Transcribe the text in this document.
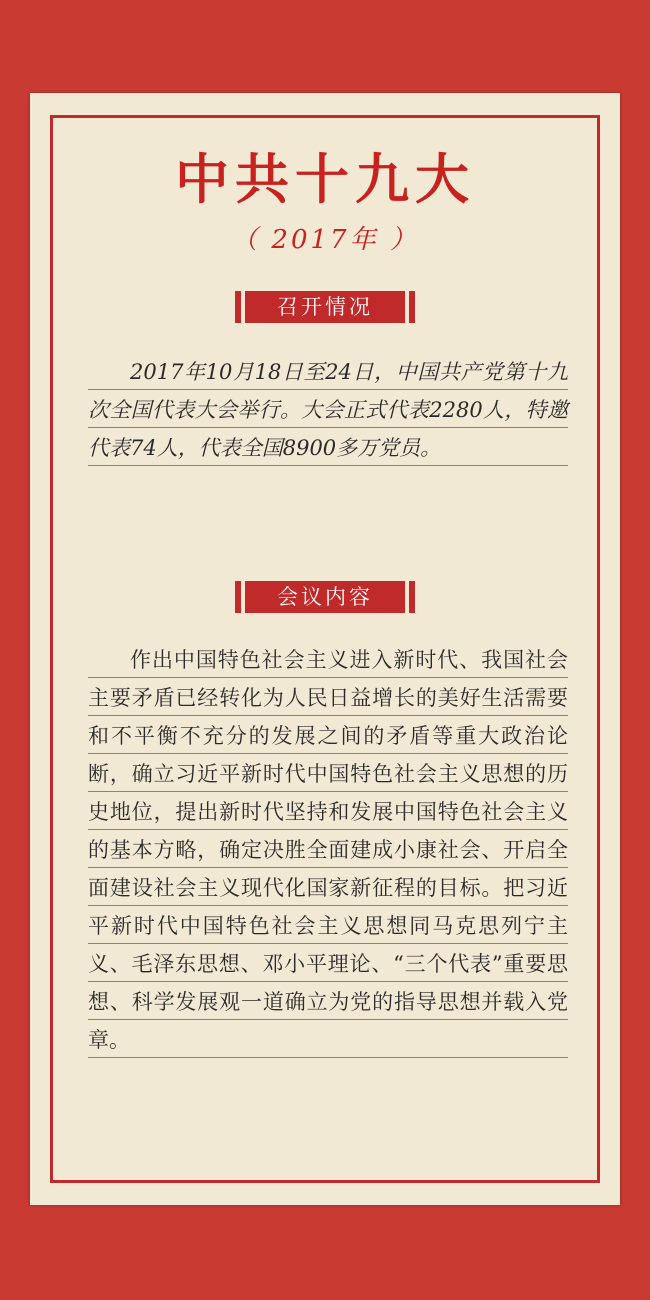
中共十九大
（ 2017年 ）
召开情况
2017年10月18日至24日，中国共产党第十九次全国代表大会举行。大会正式代表2280人，特邀代表74人，代表全国8900多万党员。
会议内容
作出中国特色社会主义进入新时代、我国社会主要矛盾已经转化为人民日益增长的美好生活需要和不平衡不充分的发展之间的矛盾等重大政治论断，确立习近平新时代中国特色社会主义思想的历史地位，提出新时代坚持和发展中国特色社会主义的基本方略，确定决胜全面建成小康社会、开启全面建设社会主义现代化国家新征程的目标。把习近平新时代中国特色社会主义思想同马克思列宁主义、毛泽东思想、邓小平理论、“三个代表”重要思想、科学发展观一道确立为党的指导思想并载入党章。
